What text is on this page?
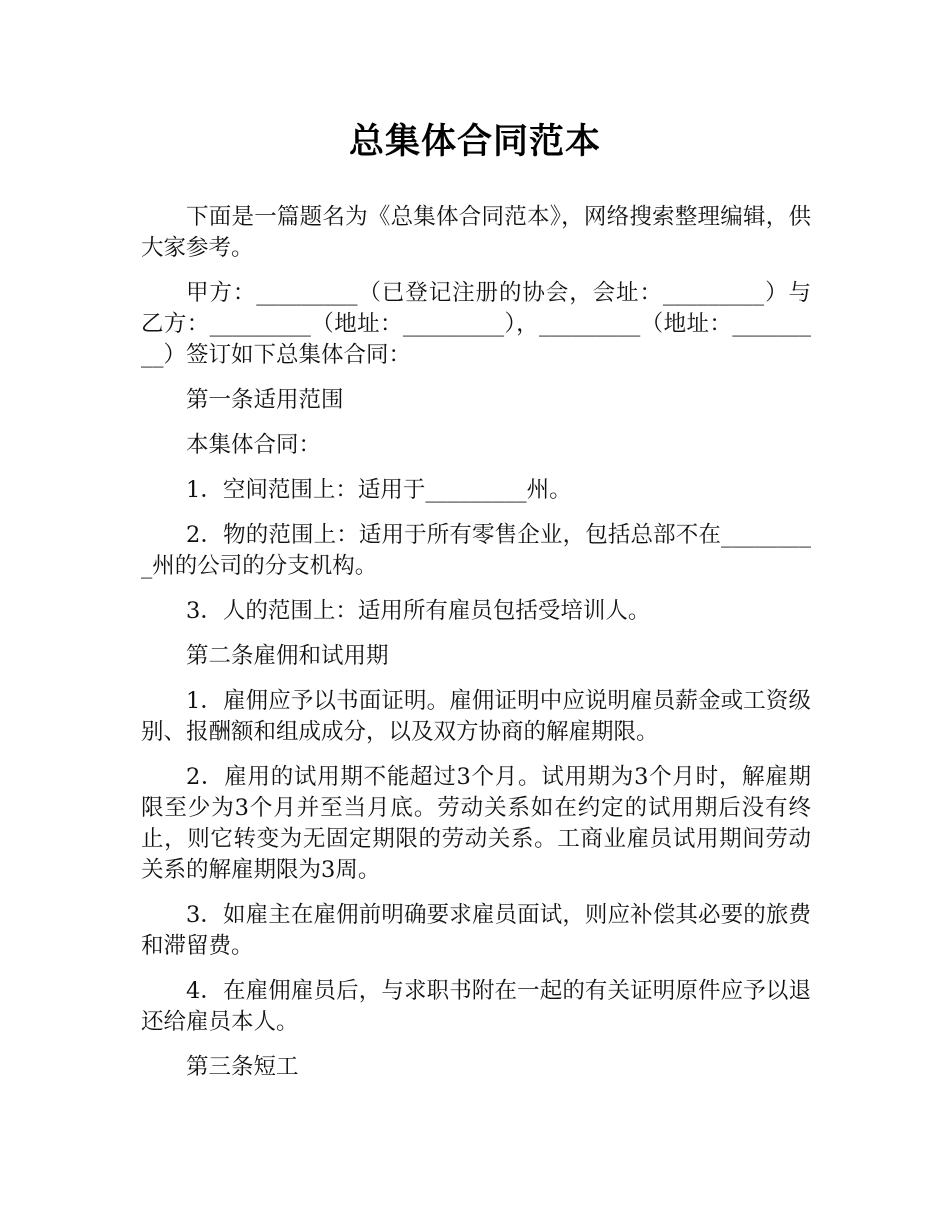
总集体合同范本

下面是一篇题名为《总集体合同范本》，网络搜索整理编辑，供大家参考。

甲方：_________（已登记注册的协会，会址：_________）与乙方：_________（地址：_________），_________（地址：_________）签订如下总集体合同：

第一条适用范围

本集体合同：

1．空间范围上：适用于_________州。

2．物的范围上：适用于所有零售企业，包括总部不在_________州的公司的分支机构。

3．人的范围上：适用所有雇员包括受培训人。

第二条雇佣和试用期

1．雇佣应予以书面证明。雇佣证明中应说明雇员薪金或工资级别、报酬额和组成成分，以及双方协商的解雇期限。

2．雇用的试用期不能超过3个月。试用期为3个月时，解雇期限至少为3个月并至当月底。劳动关系如在约定的试用期后没有终止，则它转变为无固定期限的劳动关系。工商业雇员试用期间劳动关系的解雇期限为3周。

3．如雇主在雇佣前明确要求雇员面试，则应补偿其必要的旅费和滞留费。

4．在雇佣雇员后，与求职书附在一起的有关证明原件应予以退还给雇员本人。

第三条短工
